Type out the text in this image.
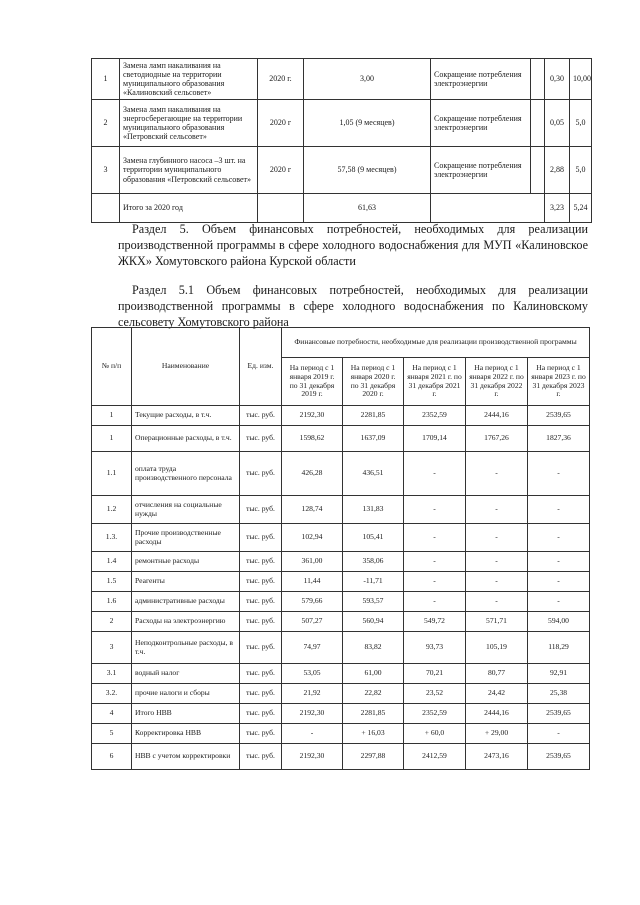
1	Замена ламп накаливания на светодиодные на территории муниципального образования «Калиновский сельсовет»	2020 г.	3,00	Сокращение потребления электроэнергии		0,30	10,00
2	Замена ламп накаливания на энергосберегающие на территории муниципального образования «Петровский сельсовет»	2020 г	1,05 (9 месяцев)	Сокращение потребления электроэнергии		0,05	5,0
3	Замена глубинного насоса –3 шт. на территории муниципального образования «Петровский сельсовет»	2020 г	57,58 (9 месяцев)	Сокращение потребления электроэнергии		2,88	5,0
	Итого за 2020 год		61,63			3,23	5,24
Раздел 5. Объем финансовых потребностей, необходимых для реализации производственной программы в сфере холодного водоснабжения для МУП «Калиновское ЖКХ» Хомутовского района Курской области
Раздел 5.1 Объем финансовых потребностей, необходимых для реализации производственной программы в сфере холодного водоснабжения по Калиновскому сельсовету Хомутовского района
№ п/п	Наименование	Ед. изм.	Финансовые потребности, необходимые для реализации производственной программы				
			На период с 1 января 2019 г. по 31 декабря 2019 г.	На период с 1 января 2020 г. по 31 декабря 2020 г.	На период с 1 января 2021 г. по 31 декабря 2021 г.	На период с 1 января 2022 г. по 31 декабря 2022 г.	На период с 1 января 2023 г. по 31 декабря 2023 г.
1	Текущие расходы, в т.ч.	тыс. руб.	2192,30	2281,85	2352,59	2444,16	2539,65
1	Операционные расходы, в т.ч.	тыс. руб.	1598,62	1637,09	1709,14	1767,26	1827,36
1.1	оплата труда производственного персонала	тыс. руб.	426,28	436,51	-	-	-
1.2	отчисления на социальные нужды	тыс. руб.	128,74	131,83	-	-	-
1.3.	Прочие производственные расходы	тыс. руб.	102,94	105,41	-	-	-
1.4	ремонтные расходы	тыс. руб.	361,00	358,06	-	-	-
1.5	Реагенты	тыс. руб.	11,44	-11,71	-	-	-
1.6	административные расходы	тыс. руб.	579,66	593,57	-	-	-
2	Расходы на электроэнергию	тыс. руб.	507,27	560,94	549,72	571,71	594,00
3	Неподконтрольные расходы, в т.ч.	тыс. руб.	74,97	83,82	93,73	105,19	118,29
3.1	водный налог	тыс. руб.	53,05	61,00	70,21	80,77	92,91
3.2.	прочие налоги и сборы	тыс. руб.	21,92	22,82	23,52	24,42	25,38
4	Итого НВВ	тыс. руб.	2192,30	2281,85	2352,59	2444,16	2539,65
5	Корректировка НВВ	тыс. руб.	-	+ 16,03	+ 60,0	+ 29,00	-
6	НВВ с учетом корректировки	тыс. руб.	2192,30	2297,88	2412,59	2473,16	2539,65
